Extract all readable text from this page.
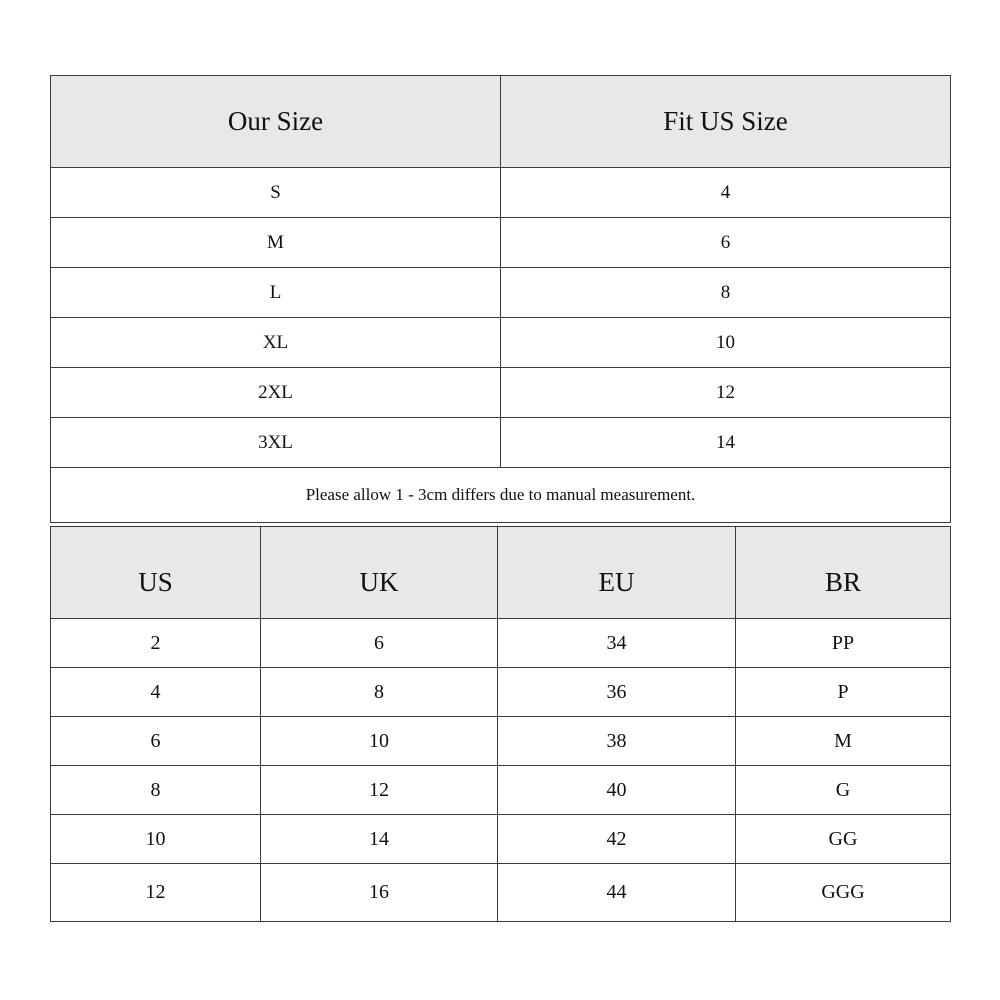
Our Size	Fit US Size
S	4
M	6
L	8
XL	10
2XL	12
3XL	14
Please allow 1 - 3cm differs due to manual measurement.	
US	UK	EU	BR
2	6	34	PP
4	8	36	P
6	10	38	M
8	12	40	G
10	14	42	GG
12	16	44	GGG
